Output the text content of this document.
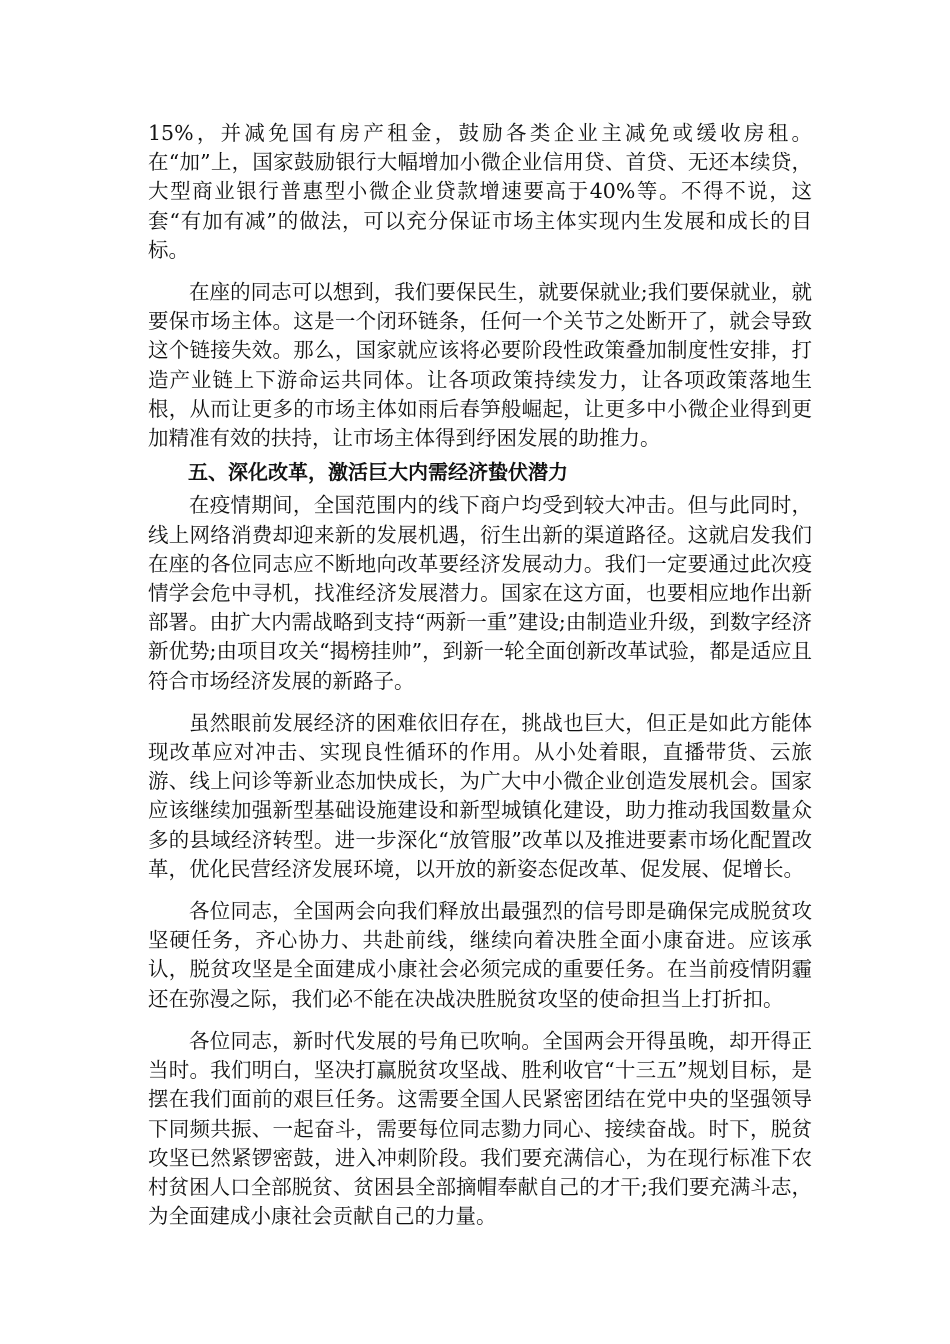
15%，并减免国有房产租金，鼓励各类企业主减免或缓收房租。在“加”上，国家鼓励银行大幅增加小微企业信用贷、首贷、无还本续贷，大型商业银行普惠型小微企业贷款增速要高于40%等。不得不说，这套“有加有减”的做法，可以充分保证市场主体实现内生发展和成长的目标。

在座的同志可以想到，我们要保民生，就要保就业;我们要保就业，就要保市场主体。这是一个闭环链条，任何一个关节之处断开了，就会导致这个链接失效。那么，国家就应该将必要阶段性政策叠加制度性安排，打造产业链上下游命运共同体。让各项政策持续发力，让各项政策落地生根，从而让更多的市场主体如雨后春笋般崛起，让更多中小微企业得到更加精准有效的扶持，让市场主体得到纾困发展的助推力。

五、深化改革，激活巨大内需经济蛰伏潜力

在疫情期间，全国范围内的线下商户均受到较大冲击。但与此同时，线上网络消费却迎来新的发展机遇，衍生出新的渠道路径。这就启发我们在座的各位同志应不断地向改革要经济发展动力。我们一定要通过此次疫情学会危中寻机，找准经济发展潜力。国家在这方面，也要相应地作出新部署。由扩大内需战略到支持“两新一重”建设;由制造业升级，到数字经济新优势;由项目攻关“揭榜挂帅”，到新一轮全面创新改革试验，都是适应且符合市场经济发展的新路子。

虽然眼前发展经济的困难依旧存在，挑战也巨大，但正是如此方能体现改革应对冲击、实现良性循环的作用。从小处着眼，直播带货、云旅游、线上问诊等新业态加快成长，为广大中小微企业创造发展机会。国家应该继续加强新型基础设施建设和新型城镇化建设，助力推动我国数量众多的县域经济转型。进一步深化“放管服”改革以及推进要素市场化配置改革，优化民营经济发展环境，以开放的新姿态促改革、促发展、促增长。

各位同志，全国两会向我们释放出最强烈的信号即是确保完成脱贫攻坚硬任务，齐心协力、共赴前线，继续向着决胜全面小康奋进。应该承认，脱贫攻坚是全面建成小康社会必须完成的重要任务。在当前疫情阴霾还在弥漫之际，我们必不能在决战决胜脱贫攻坚的使命担当上打折扣。

各位同志，新时代发展的号角已吹响。全国两会开得虽晚，却开得正当时。我们明白，坚决打赢脱贫攻坚战、胜利收官“十三五”规划目标，是摆在我们面前的艰巨任务。这需要全国人民紧密团结在党中央的坚强领导下同频共振、一起奋斗，需要每位同志勠力同心、接续奋战。时下，脱贫攻坚已然紧锣密鼓，进入冲刺阶段。我们要充满信心，为在现行标准下农村贫困人口全部脱贫、贫困县全部摘帽奉献自己的才干;我们要充满斗志，为全面建成小康社会贡献自己的力量。
